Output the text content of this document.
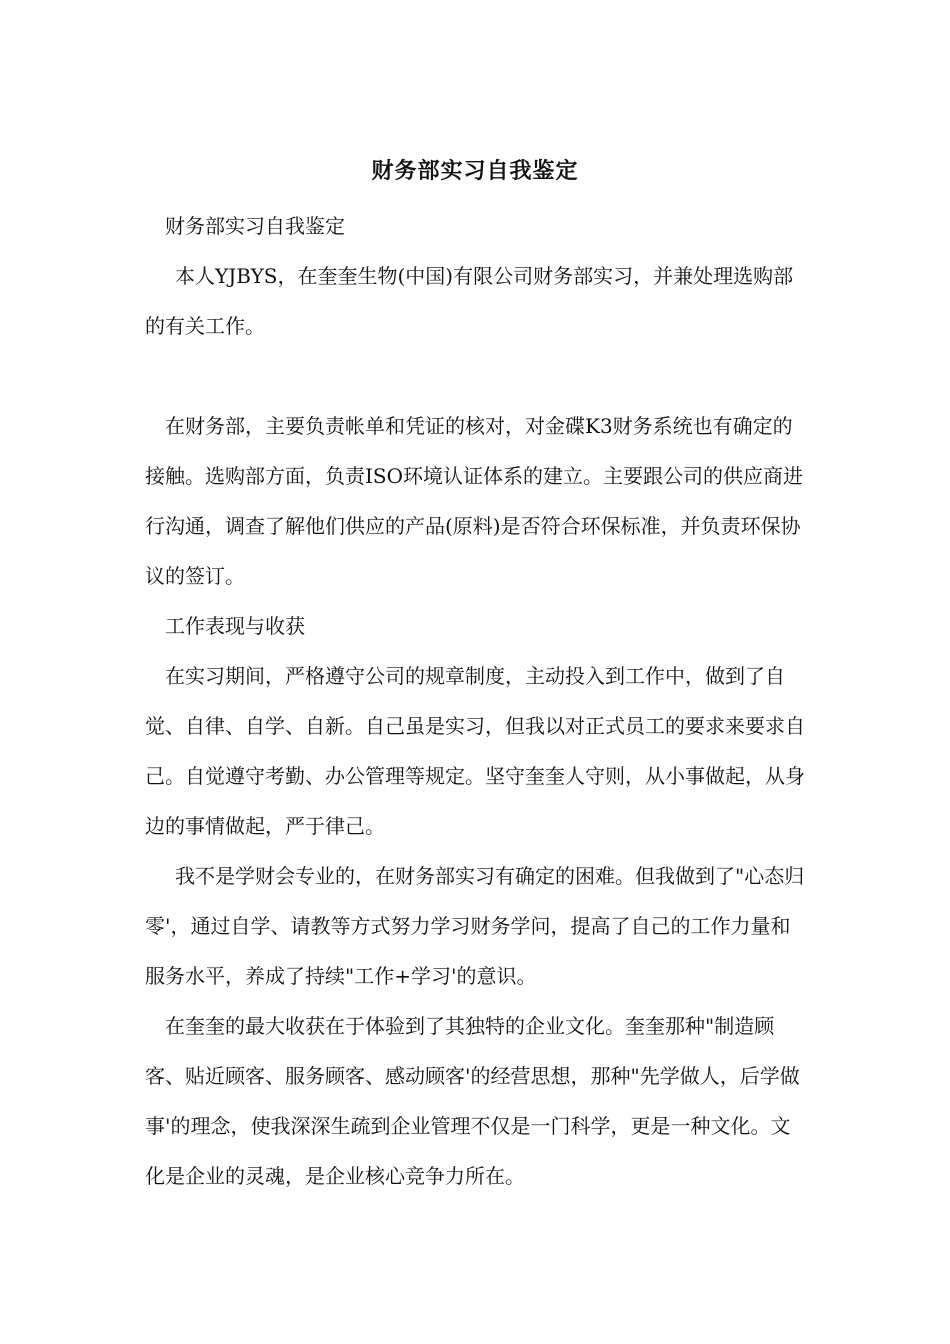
财务部实习自我鉴定

财务部实习自我鉴定

本人YJBYS，在奎奎生物(中国)有限公司财务部实习，并兼处理选购部的有关工作。

在财务部，主要负责帐单和凭证的核对，对金碟K3财务系统也有确定的接触。选购部方面，负责ISO环境认证体系的建立。主要跟公司的供应商进行沟通，调查了解他们供应的产品(原料)是否符合环保标准，并负责环保协议的签订。

工作表现与收获

在实习期间，严格遵守公司的规章制度，主动投入到工作中，做到了自觉、自律、自学、自新。自己虽是实习，但我以对正式员工的要求来要求自己。自觉遵守考勤、办公管理等规定。坚守奎奎人守则，从小事做起，从身边的事情做起，严于律己。

我不是学财会专业的，在财务部实习有确定的困难。但我做到了"心态归零'，通过自学、请教等方式努力学习财务学问，提高了自己的工作力量和服务水平，养成了持续"工作+学习'的意识。

在奎奎的最大收获在于体验到了其独特的企业文化。奎奎那种"制造顾客、贴近顾客、服务顾客、感动顾客'的经营思想，那种"先学做人，后学做事'的理念，使我深深生疏到企业管理不仅是一门科学，更是一种文化。文化是企业的灵魂，是企业核心竞争力所在。
